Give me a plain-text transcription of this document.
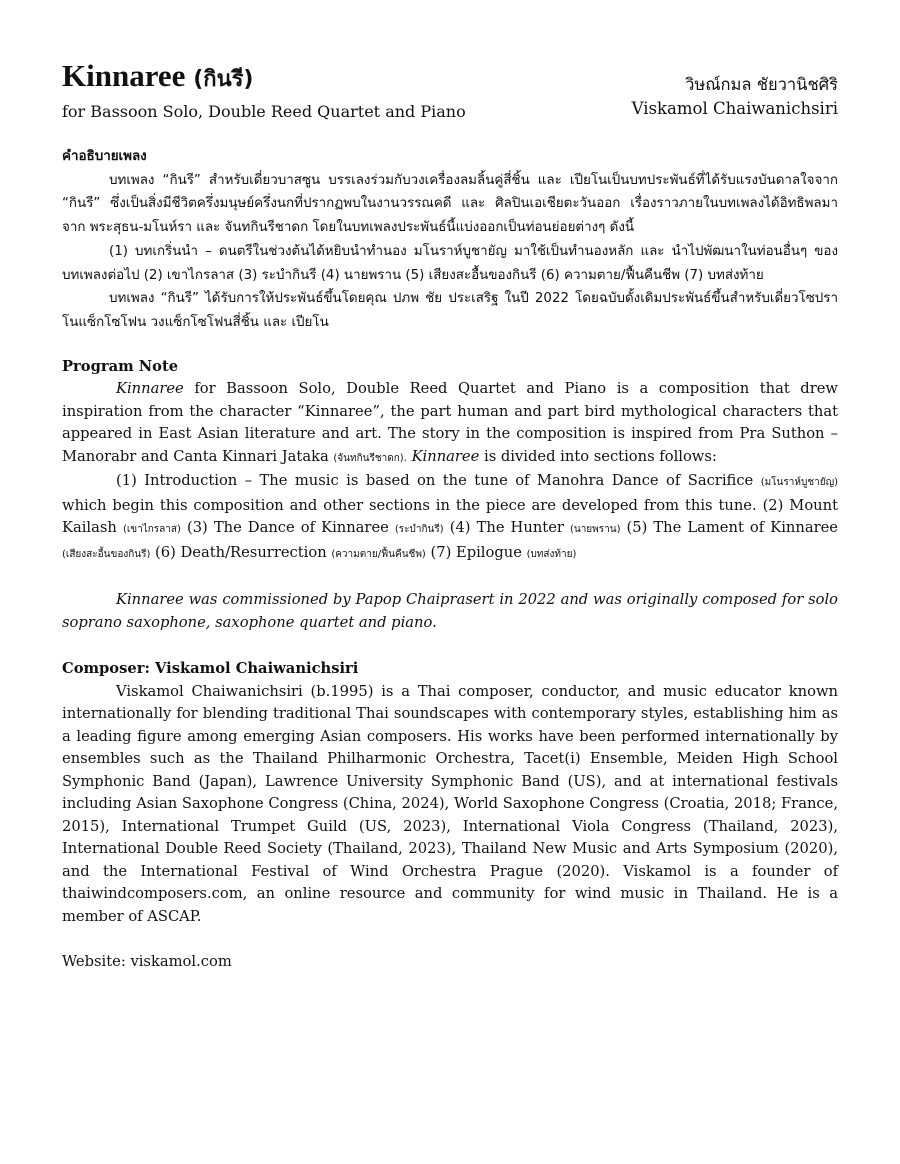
Kinnaree (กินรี)
for Bassoon Solo, Double Reed Quartet and Piano
วิษณ์กมล ชัยวานิชศิริ
Viskamol Chaiwanichsiri
คำอธิบายเพลง

บทเพลง “กินรี” สำหรับเดี่ยวบาสซูน บรรเลงร่วมกับวงเครื่องลมลิ้นคู่สี่ชิ้น และ เปียโนเป็นบทประพันธ์ที่ได้รับแรงบันดาลใจจาก “กินรี” ซึ่งเป็นสิ่งมีชีวิตครึ่งมนุษย์ครึ่งนกที่ปรากฏพบในงานวรรณคดี และ ศิลปินเอเชียตะวันออก เรื่องราวภายในบทเพลงได้อิทธิพลมาจาก พระสุธน-มโนห์รา และ จันทกินรีชาดก โดยในบทเพลงประพันธ์นี้แบ่งออกเป็นท่อนย่อยต่างๆ ดังนี้

(1) บทเกริ่นนำ – ดนตรีในช่วงต้นได้หยิบนำทำนอง มโนราห์บูชายัญ มาใช้เป็นทำนองหลัก และ นำไปพัฒนาในท่อนอื่นๆ ของบทเพลงต่อไป (2) เขาไกรลาส (3) ระบำกินรี (4) นายพราน (5) เสียงสะอื้นของกินรี (6) ความตาย/ฟื้นคืนชีพ (7) บทส่งท้าย

บทเพลง “กินรี” ได้รับการให้ประพันธ์ขึ้นโดยคุณ ปภพ ชัย ประเสริฐ ในปี 2022 โดยฉบับดั้งเดิมประพันธ์ขึ้นสำหรับเดี่ยวโซปราโนแซ็กโซโฟน วงแซ็กโซโฟนสี่ชิ้น และ เปียโน

Program Note

Kinnaree for Bassoon Solo, Double Reed Quartet and Piano is a composition that drew inspiration from the character “Kinnaree”, the part human and part bird mythological characters that appeared in East Asian literature and art. The story in the composition is inspired from Pra Suthon – Manorabr and Canta Kinnari Jataka (จันทกินรีชาดก). Kinnaree is divided into sections follows:

(1) Introduction – The music is based on the tune of Manohra Dance of Sacrifice (มโนราห์บูชายัญ) which begin this composition and other sections in the piece are developed from this tune. (2) Mount Kailash (เขาไกรลาส) (3) The Dance of Kinnaree (ระบำกินรี) (4) The Hunter (นายพราน) (5) The Lament of Kinnaree (เสียงสะอื้นของกินรี) (6) Death/Resurrection (ความตาย/ฟื้นคืนชีพ) (7) Epilogue (บทส่งท้าย)

Kinnaree was commissioned by Papop Chaiprasert in 2022 and was originally composed for solo soprano saxophone, saxophone quartet and piano.

Composer: Viskamol Chaiwanichsiri

Viskamol Chaiwanichsiri (b.1995) is a Thai composer, conductor, and music educator known internationally for blending traditional Thai soundscapes with contemporary styles, establishing him as a leading figure among emerging Asian composers. His works have been performed internationally by ensembles such as the Thailand Philharmonic Orchestra, Tacet(i) Ensemble, Meiden High School Symphonic Band (Japan), Lawrence University Symphonic Band (US), and at international festivals including Asian Saxophone Congress (China, 2024), World Saxophone Congress (Croatia, 2018; France, 2015), International Trumpet Guild (US, 2023), International Viola Congress (Thailand, 2023), International Double Reed Society (Thailand, 2023), Thailand New Music and Arts Symposium (2020), and the International Festival of Wind Orchestra Prague (2020). Viskamol is a founder of thaiwindcomposers.com, an online resource and community for wind music in Thailand. He is a member of ASCAP.

Website: viskamol.com
